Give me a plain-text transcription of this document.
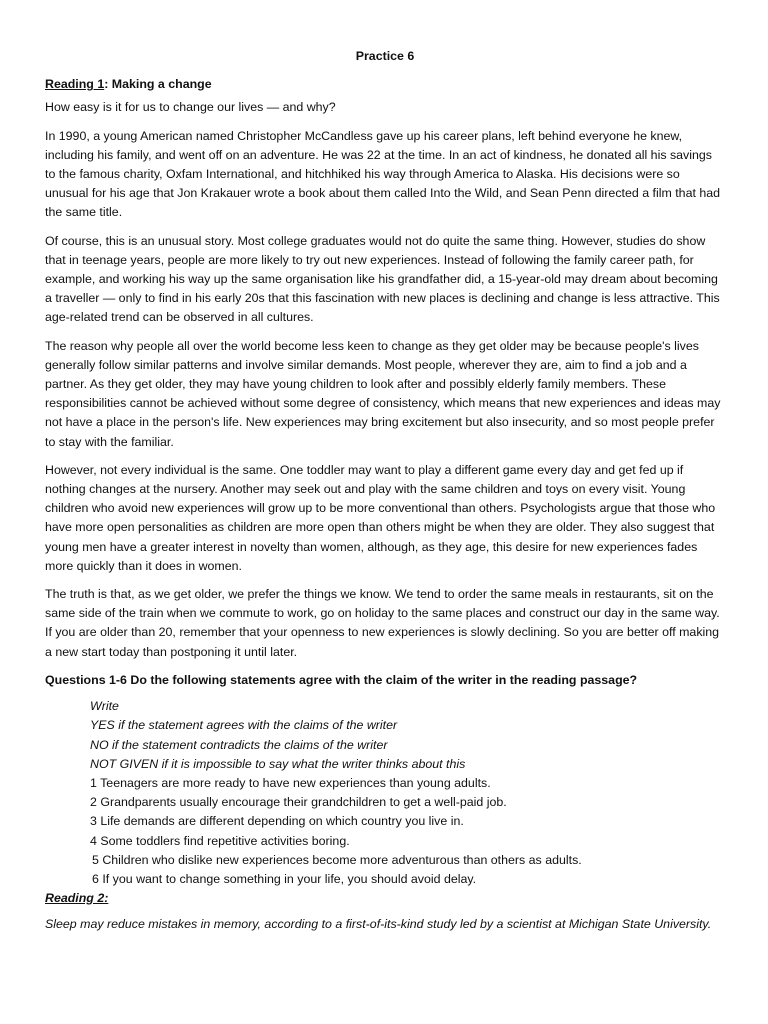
Practice 6
Reading 1: Making a change

How easy is it for us to change our lives — and why?

In 1990, a young American named Christopher McCandless gave up his career plans, left behind everyone he knew, including his family, and went off on an adventure. He was 22 at the time. In an act of kindness, he donated all his savings to the famous charity, Oxfam International, and hitchhiked his way through America to Alaska. His decisions were so unusual for his age that Jon Krakauer wrote a book about them called Into the Wild, and Sean Penn directed a film that had the same title.

Of course, this is an unusual story. Most college graduates would not do quite the same thing. However, studies do show that in teenage years, people are more likely to try out new experiences. Instead of following the family career path, for example, and working his way up the same organisation like his grandfather did, a 15-year-old may dream about becoming a traveller — only to find in his early 20s that this fascination with new places is declining and change is less attractive. This age-related trend can be observed in all cultures.

The reason why people all over the world become less keen to change as they get older may be because people's lives generally follow similar patterns and involve similar demands. Most people, wherever they are, aim to find a job and a partner. As they get older, they may have young children to look after and possibly elderly family members. These responsibilities cannot be achieved without some degree of consistency, which means that new experiences and ideas may not have a place in the person's life. New experiences may bring excitement but also insecurity, and so most people prefer to stay with the familiar.

However, not every individual is the same. One toddler may want to play a different game every day and get fed up if nothing changes at the nursery. Another may seek out and play with the same children and toys on every visit. Young children who avoid new experiences will grow up to be more conventional than others. Psychologists argue that those who have more open personalities as children are more open than others might be when they are older. They also suggest that young men have a greater interest in novelty than women, although, as they age, this desire for new experiences fades more quickly than it does in women.

The truth is that, as we get older, we prefer the things we know. We tend to order the same meals in restaurants, sit on the same side of the train when we commute to work, go on holiday to the same places and construct our day in the same way. If you are older than 20, remember that your openness to new experiences is slowly declining. So you are better off making a new start today than postponing it until later.

Questions 1-6 Do the following statements agree with the claim of the writer in the reading passage?
Write
YES if the statement agrees with the claims of the writer
NO if the statement contradicts the claims of the writer
NOT GIVEN if it is impossible to say what the writer thinks about this
1 Teenagers are more ready to have new experiences than young adults.
2 Grandparents usually encourage their grandchildren to get a well-paid job.
3 Life demands are different depending on which country you live in.
4 Some toddlers find repetitive activities boring.
5 Children who dislike new experiences become more adventurous than others as adults.
6 If you want to change something in your life, you should avoid delay.
Reading 2:

Sleep may reduce mistakes in memory, according to a first-of-its-kind study led by a scientist at Michigan State University.
